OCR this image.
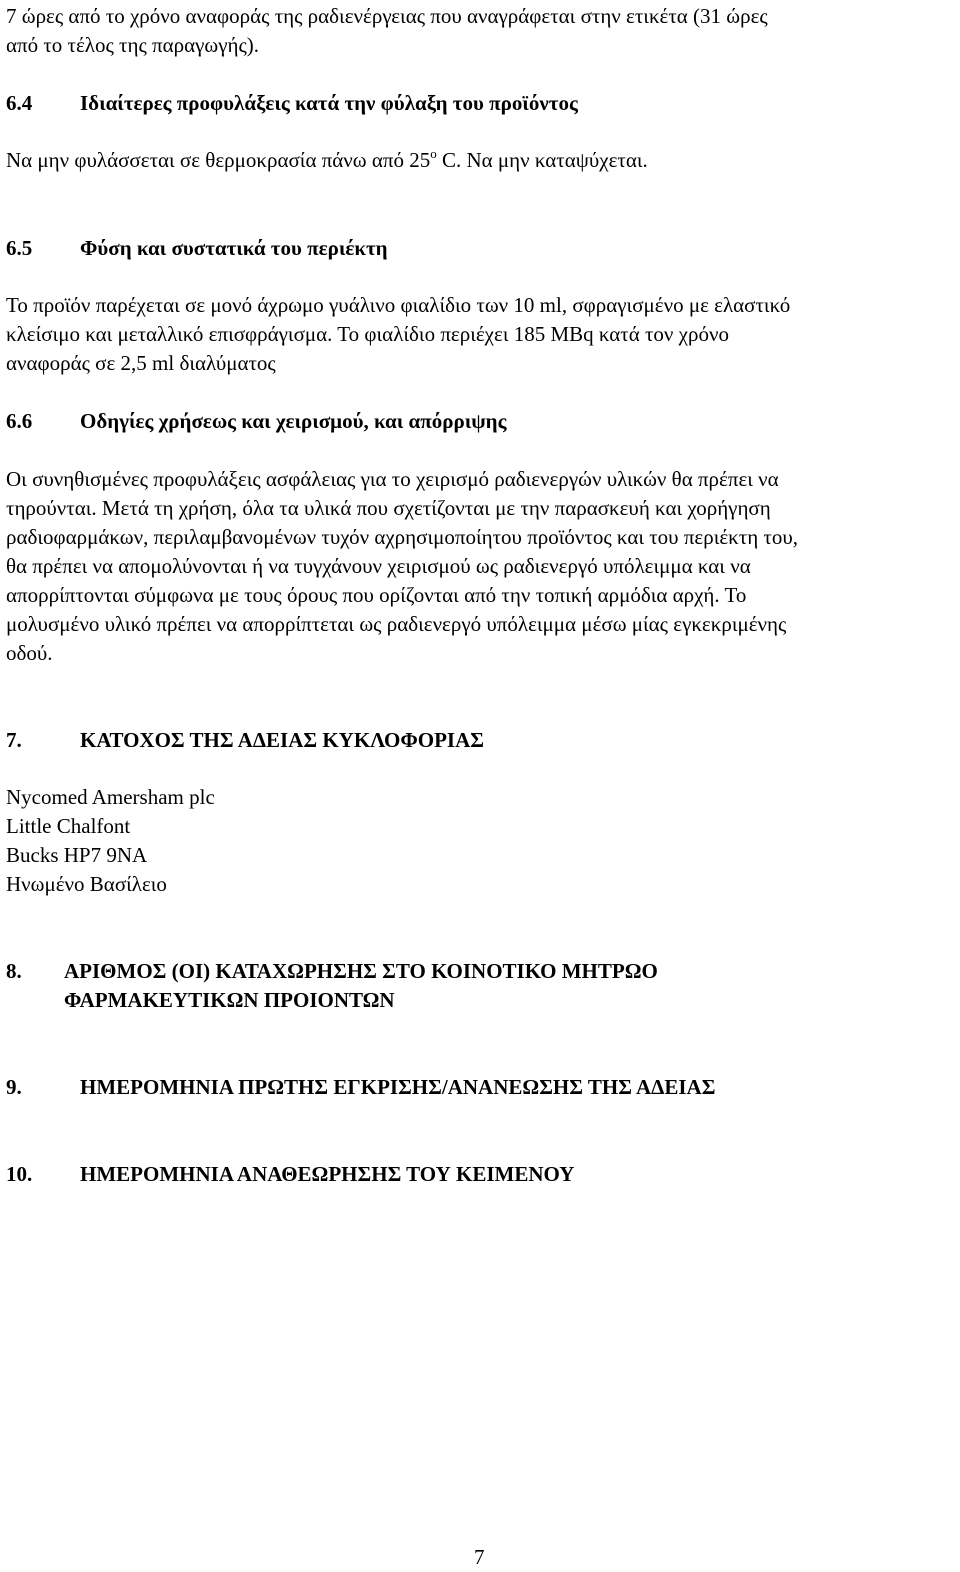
7 ώρες από το χρόνο αναφοράς της ραδιενέργειας που αναγράφεται στην ετικέτα (31 ώρες
από το τέλος της παραγωγής).
6.4 Ιδιαίτερες προφυλάξεις κατά την φύλαξη του προϊόντος
Να μην φυλάσσεται σε θερμοκρασία πάνω από 25$^o$ C. Να μην καταψύχεται.
6.5 Φύση και συστατικά του περιέκτη
Το προϊόν παρέχεται σε μονό άχρωμο γυάλινο φιαλίδιο των 10 ml, σφραγισμένο με ελαστικό
κλείσιμο και μεταλλικό επισφράγισμα. Το φιαλίδιο περιέχει 185 MBq κατά τον χρόνο
αναφοράς σε 2,5 ml διαλύματος
6.6 Οδηγίες χρήσεως και χειρισμού, και απόρριψης
Οι συνηθισμένες προφυλάξεις ασφάλειας για το χειρισμό ραδιενεργών υλικών θα πρέπει να
τηρούνται. Μετά τη χρήση, όλα τα υλικά που σχετίζονται με την παρασκευή και χορήγηση
ραδιοφαρμάκων, περιλαμβανομένων τυχόν αχρησιμοποίητου προϊόντος και του περιέκτη του,
θα πρέπει να απομολύνονται ή να τυγχάνουν χειρισμού ως ραδιενεργό υπόλειμμα και να
απορρίπτονται σύμφωνα με τους όρους που ορίζονται από την τοπική αρμόδια αρχή. Το
μολυσμένο υλικό πρέπει να απορρίπτεται ως ραδιενεργό υπόλειμμα μέσω μίας εγκεκριμένης
οδού.
7.	ΚΑΤΟΧΟΣ ΤΗΣ ΑΔΕΙΑΣ ΚΥΚΛΟΦΟΡΙΑΣ
Nycomed Amersham plc
Little Chalfont
Bucks HP7 9NA
Ηνωμένο Βασίλειο
8. ΑΡΙΘΜΟΣ (ΟΙ) ΚΑΤΑΧΩΡΗΣΗΣ ΣΤΟ ΚΟΙΝΟΤΙΚΟ ΜΗΤΡΩΟ
ΦΑΡΜΑΚΕΥΤΙΚΩΝ ΠΡΟΙΟΝΤΩΝ
9.	ΗΜΕΡΟΜΗΝΙΑ ΠΡΩΤΗΣ ΕΓΚΡΙΣΗΣ/ΑΝΑΝΕΩΣΗΣ ΤΗΣ ΑΔΕΙΑΣ
10. ΗΜΕΡΟΜΗΝΙΑ ΑΝΑΘΕΩΡΗΣΗΣ ΤΟΥ ΚΕΙΜΕΝΟΥ
7
